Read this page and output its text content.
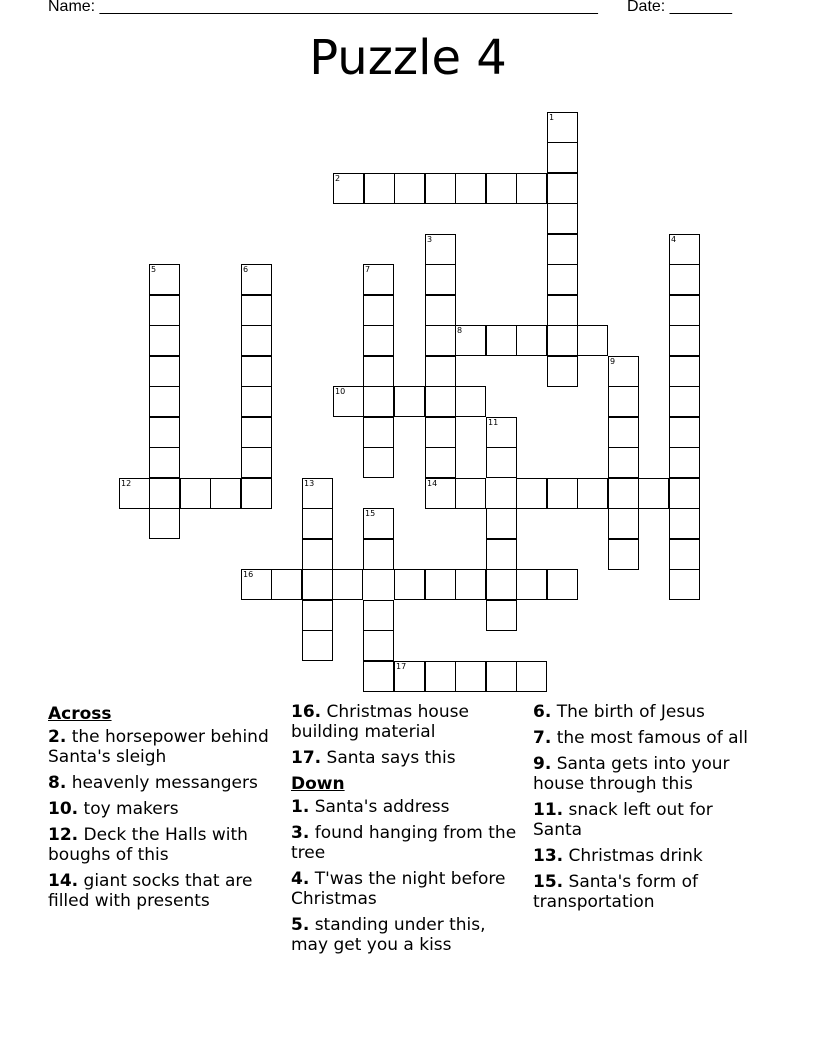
Name: ________________________________________________________ Date: _______
Puzzle 4
1
2
3	4
5	6	7
8
9
10
11
12	13	14
15
16
17
Across
2. the horsepower behind Santa's sleigh
8. heavenly messangers
10. toy makers
12. Deck the Halls with boughs of this
14. giant socks that are filled with presents
16. Christmas house building material
17. Santa says this
Down
1. Santa's address
3. found hanging from the tree
4. T'was the night before Christmas
5. standing under this, may get you a kiss
6. The birth of Jesus
7. the most famous of all
9. Santa gets into your house through this
11. snack left out for Santa
13. Christmas drink
15. Santa's form of transportation
